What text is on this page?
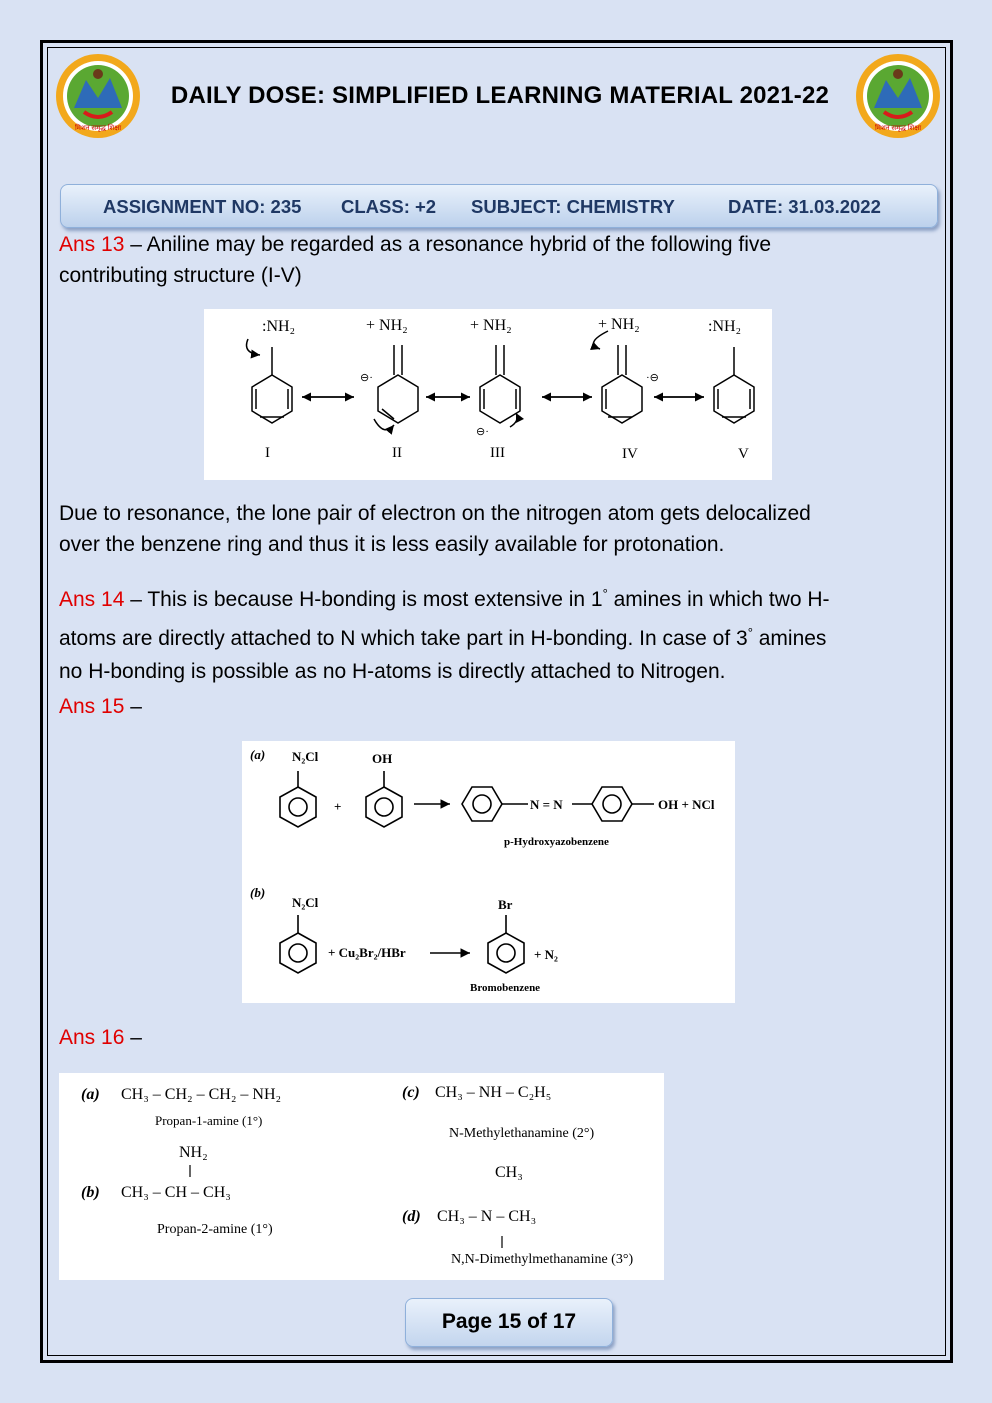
मिशन समृद्ध शिक्षा	मिशन समृद्ध शिक्षा
DAILY DOSE: SIMPLIFIED LEARNING MATERIAL 2021-22
ASSIGNMENT NO: 235 CLASS: +2 SUBJECT: CHEMISTRY	DATE: 31.03.2022
Ans 13 – Aniline may be regarded as a resonance hybrid of the following five
contributing structure (I-V)
:NH₂	+ NH₂	+ NH₂	+ NH₂	:NH₂
⊖·
⊖·
·⊖
I	II	III	IV	V
Due to resonance, the lone pair of electron on the nitrogen atom gets delocalized
over the benzene ring and thus it is less easily available for protonation.
Ans 14 – This is because H-bonding is most extensive in 1° amines in which two H-
atoms are directly attached to N which take part in H-bonding. In case of 3° amines
no H-bonding is possible as no H-atoms is directly attached to Nitrogen.
Ans 15 –
(a) N₂Cl	OH
+	N = N	OH + NCl
p-Hydroxyazobenzene
(b)
N₂Cl
+ Cu₂Br₂/HBr
Br
+ N₂
Bromobenzene
Ans 16 –
(a) CH₃ – CH₂ – CH₂ – NH₂
Propan-1-amine (1°)
NH₂
(b) CH₃ – CH – CH₃
Propan-2-amine (1°)
(c) CH₃ – NH – C₂H₅
N-Methylethanamine (2°)
CH₃
(d) CH₃ – N – CH₃
N,N-Dimethylmethanamine (3°)
Page 15 of 17
